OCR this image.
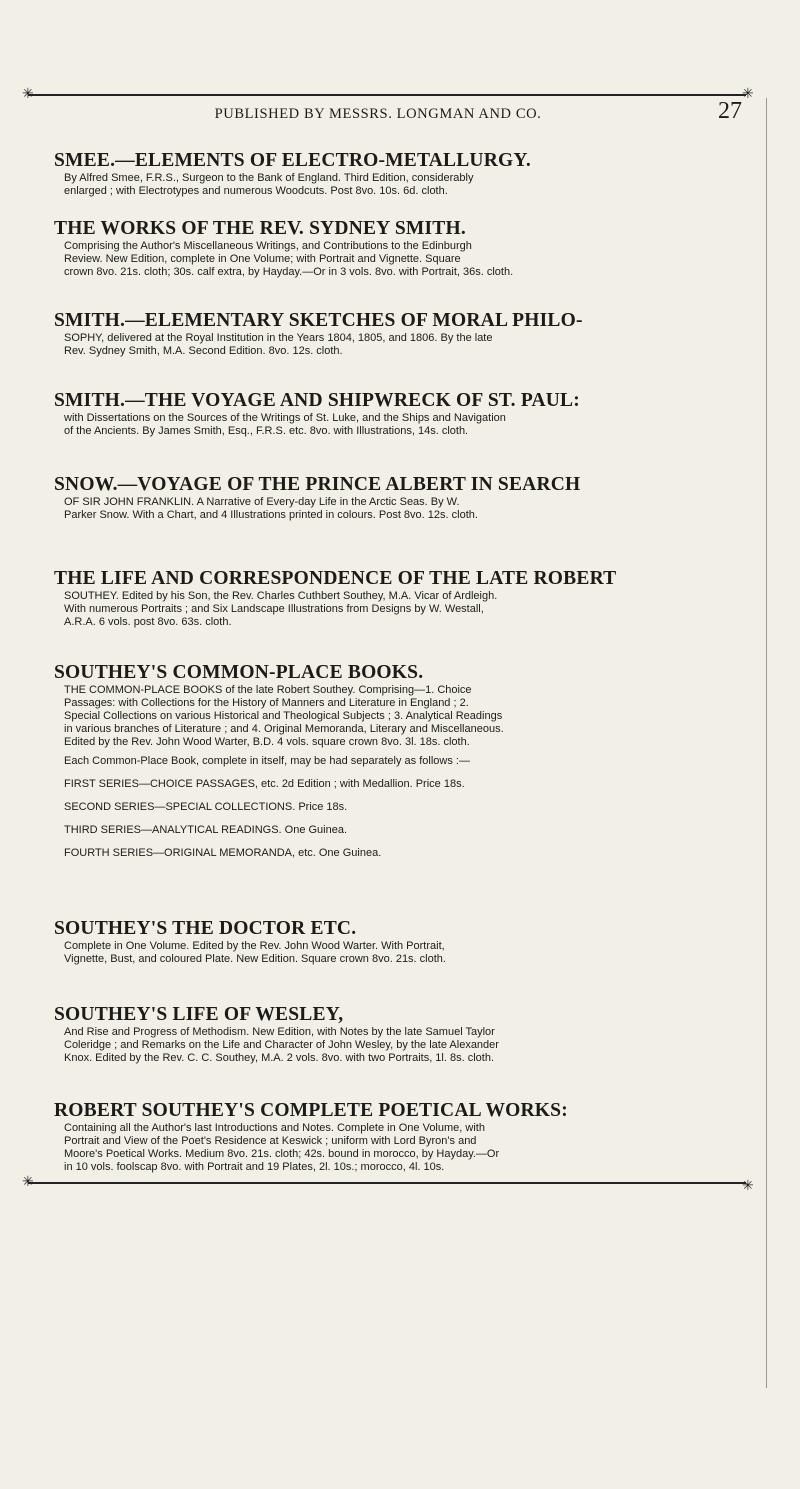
✳	✳
PUBLISHED BY MESSRS. LONGMAN AND CO.	27
SMEE.—ELEMENTS OF ELECTRO-METALLURGY.

By Alfred Smee, F.R.S., Surgeon to the Bank of England. Third Edition, considerably
enlarged ; with Electrotypes and numerous Woodcuts. Post 8vo. 10s. 6d. cloth.

THE WORKS OF THE REV. SYDNEY SMITH.

Comprising the Author's Miscellaneous Writings, and Contributions to the Edinburgh
Review. New Edition, complete in One Volume; with Portrait and Vignette. Square
crown 8vo. 21s. cloth; 30s. calf extra, by Hayday.—Or in 3 vols. 8vo. with Portrait, 36s. cloth.

SMITH.—ELEMENTARY SKETCHES OF MORAL PHILO-

SOPHY, delivered at the Royal Institution in the Years 1804, 1805, and 1806. By the late
Rev. Sydney Smith, M.A. Second Edition. 8vo. 12s. cloth.

SMITH.—THE VOYAGE AND SHIPWRECK OF ST. PAUL:

with Dissertations on the Sources of the Writings of St. Luke, and the Ships and Navigation
of the Ancients. By James Smith, Esq., F.R.S. etc. 8vo. with Illustrations, 14s. cloth.

SNOW.—VOYAGE OF THE PRINCE ALBERT IN SEARCH

OF SIR JOHN FRANKLIN. A Narrative of Every-day Life in the Arctic Seas. By W.
Parker Snow. With a Chart, and 4 Illustrations printed in colours. Post 8vo. 12s. cloth.

THE LIFE AND CORRESPONDENCE OF THE LATE ROBERT

SOUTHEY. Edited by his Son, the Rev. Charles Cuthbert Southey, M.A. Vicar of Ardleigh.
With numerous Portraits ; and Six Landscape Illustrations from Designs by W. Westall,
A.R.A. 6 vols. post 8vo. 63s. cloth.

SOUTHEY'S COMMON-PLACE BOOKS.

THE COMMON-PLACE BOOKS of the late Robert Southey. Comprising—1. Choice
Passages: with Collections for the History of Manners and Literature in England ; 2.
Special Collections on various Historical and Theological Subjects ; 3. Analytical Readings
in various branches of Literature ; and 4. Original Memoranda, Literary and Miscellaneous.
Edited by the Rev. John Wood Warter, B.D. 4 vols. square crown 8vo. 3l. 18s. cloth.
Each Common-Place Book, complete in itself, may be had separately as follows :—
FIRST SERIES—CHOICE PASSAGES, etc. 2d Edition ; with Medallion. Price 18s.
SECOND SERIES—SPECIAL COLLECTIONS. Price 18s.
THIRD SERIES—ANALYTICAL READINGS. One Guinea.
FOURTH SERIES—ORIGINAL MEMORANDA, etc. One Guinea.

SOUTHEY'S THE DOCTOR ETC.

Complete in One Volume. Edited by the Rev. John Wood Warter. With Portrait,
Vignette, Bust, and coloured Plate. New Edition. Square crown 8vo. 21s. cloth.

SOUTHEY'S LIFE OF WESLEY,

And Rise and Progress of Methodism. New Edition, with Notes by the late Samuel Taylor
Coleridge ; and Remarks on the Life and Character of John Wesley, by the late Alexander
Knox. Edited by the Rev. C. C. Southey, M.A. 2 vols. 8vo. with two Portraits, 1l. 8s. cloth.

ROBERT SOUTHEY'S COMPLETE POETICAL WORKS:

Containing all the Author's last Introductions and Notes. Complete in One Volume, with
Portrait and View of the Poet's Residence at Keswick ; uniform with Lord Byron's and
Moore's Poetical Works. Medium 8vo. 21s. cloth; 42s. bound in morocco, by Hayday.—Or
in 10 vols. foolscap 8vo. with Portrait and 19 Plates, 2l. 10s.; morocco, 4l. 10s.

✳	✳
